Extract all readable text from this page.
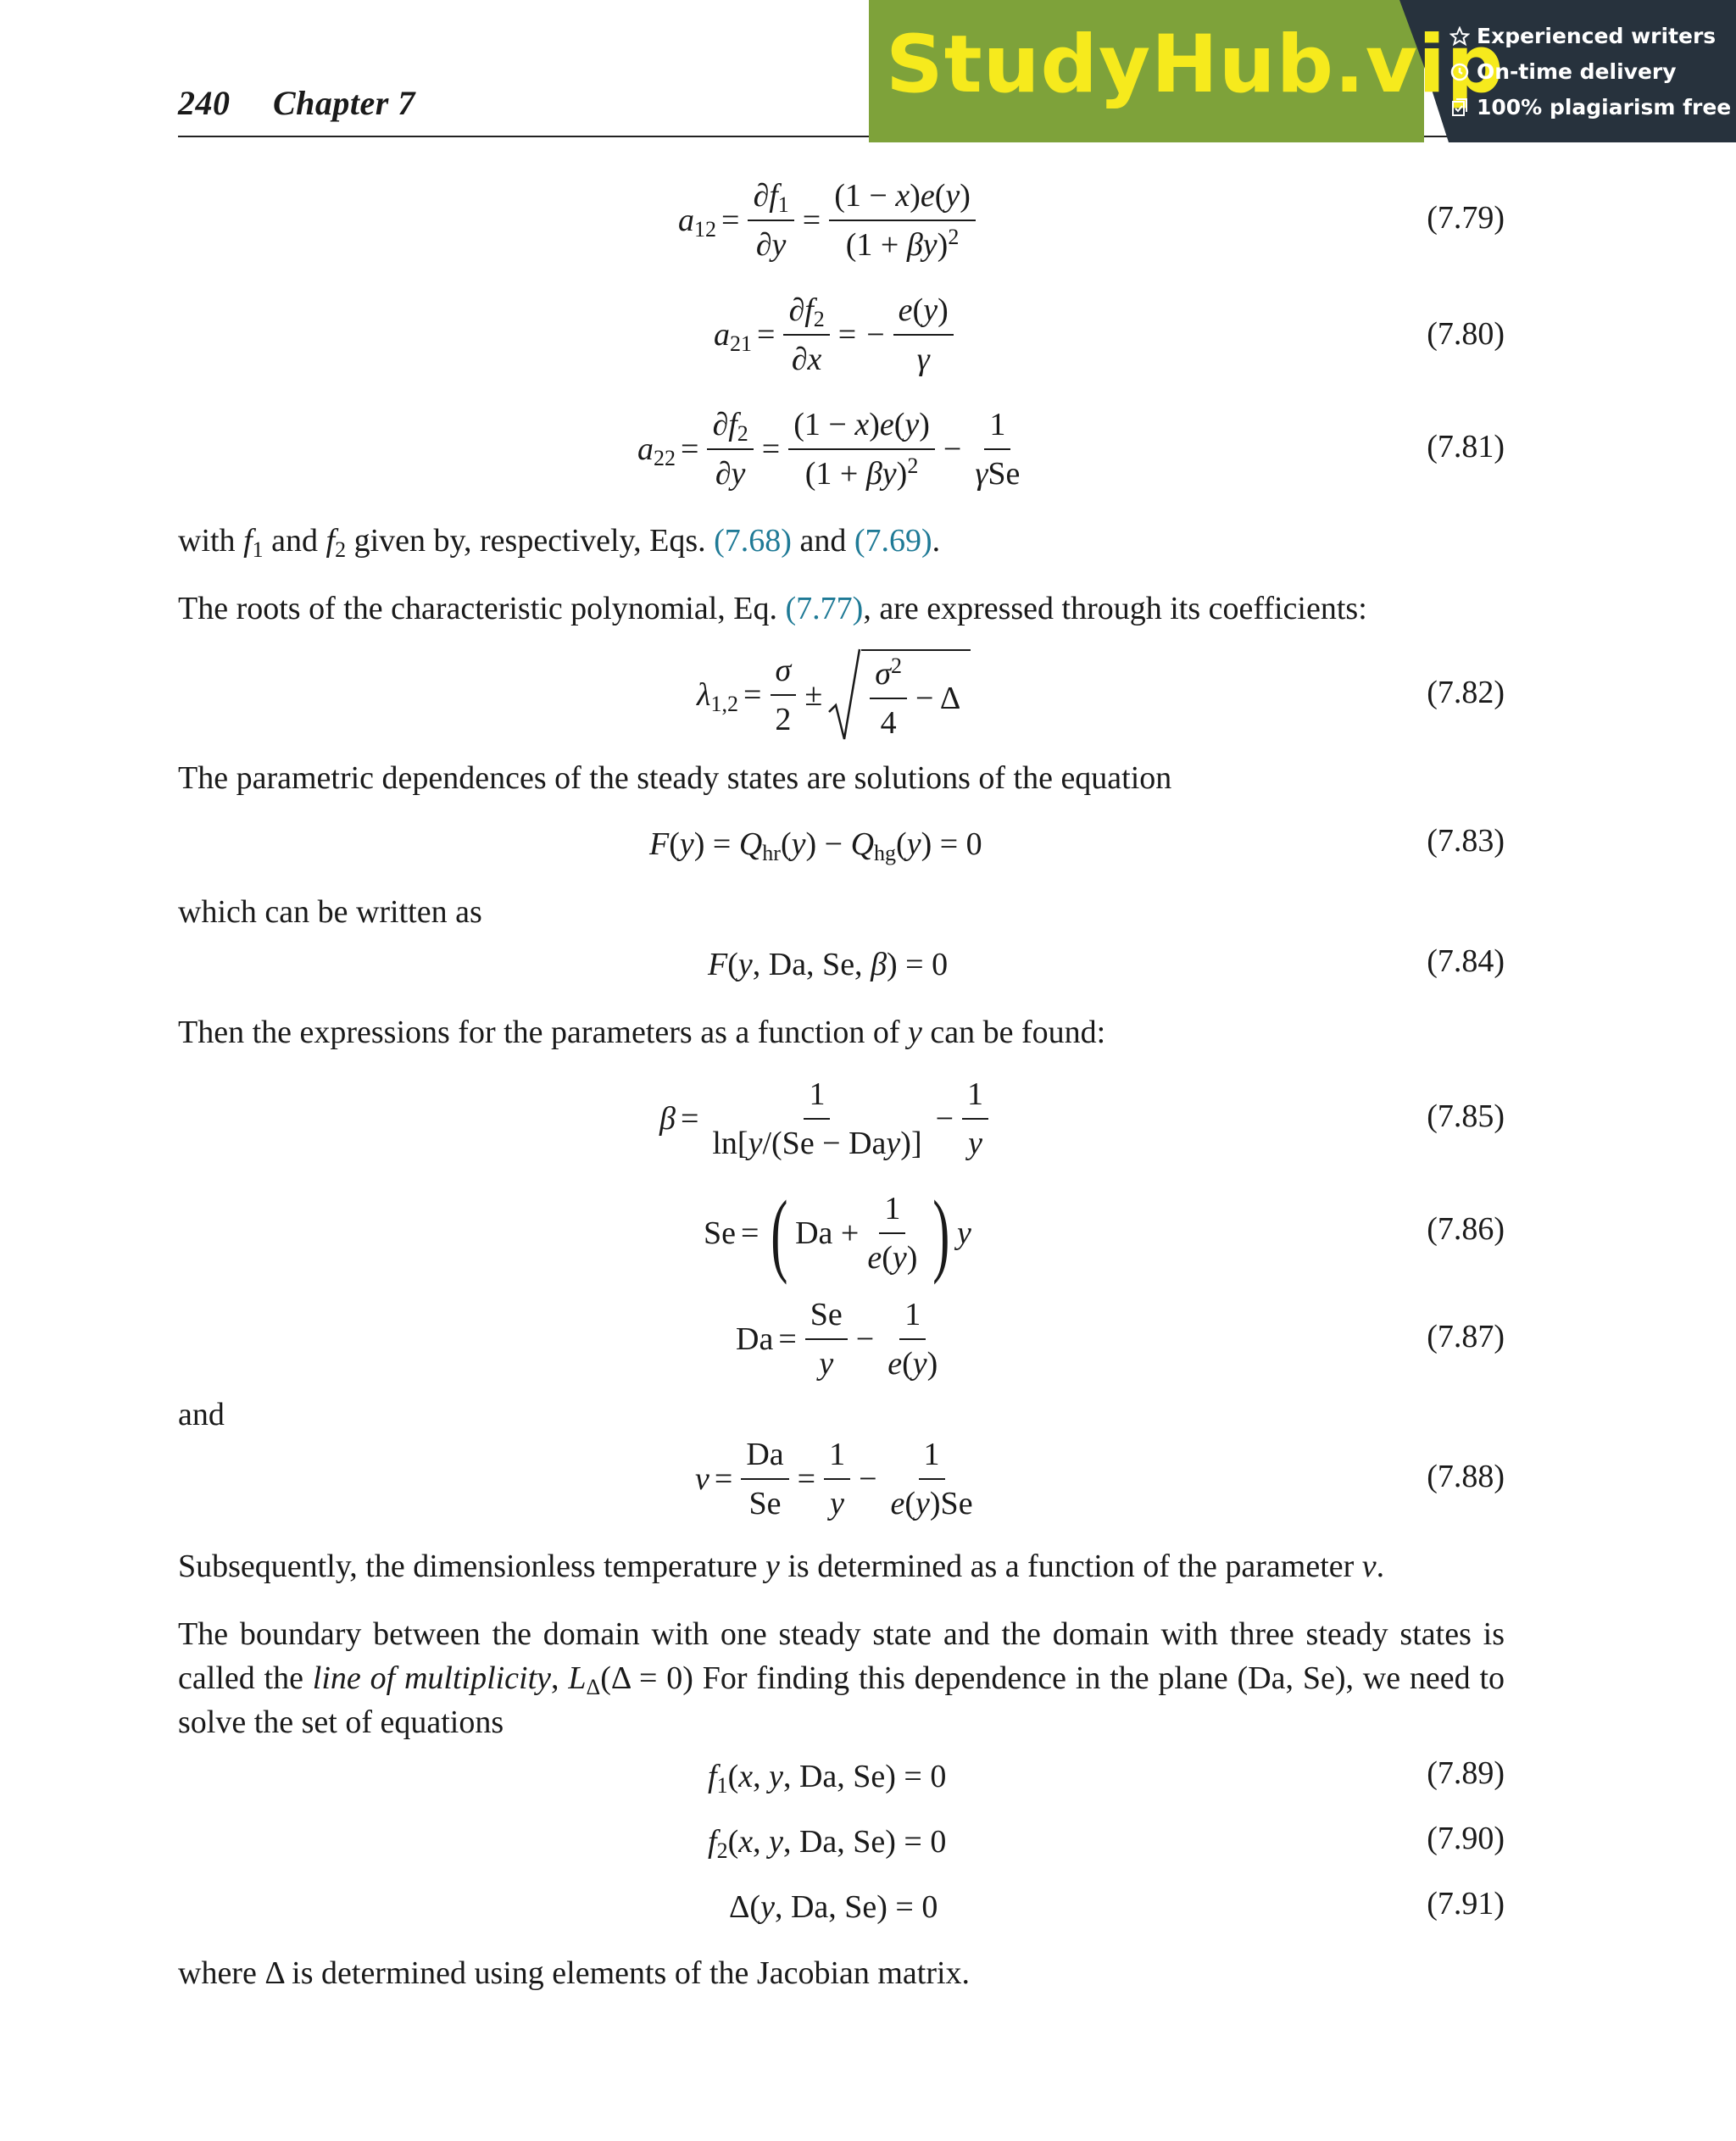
240 Chapter 7	StudyHub.vip
Experienced writers
On-time delivery
100% plagiarism free
$a_{12} = \frac{\partial f_1}{\partial y} = \frac{(1 - x)e(y)}{(1 + \beta y)^2}$	(7.79)
$a_{21} = \frac{\partial f_2}{\partial x}$ = − $\frac{e(y)}{\gamma}$	(7.80)
$a_{22} = \frac{\partial f_2}{\partial y} = \frac{(1 - x)e(y)}{(1 + \beta y)^2} - \frac{1}{\text{γSe}}$	(7.81)
with $f_1$ and $f_2$ given by, respectively, Eqs. (7.68) and (7.69).
The roots of the characteristic polynomial, Eq. (7.77), are expressed through its coefficients:
$\lambda_{1,2} = \frac{\sigma}{2} \pm \frac{\sigma^2}{4} - \Delta$	(7.82)
The parametric dependences of the steady states are solutions of the equation
$F(y) = Q_{hr}(y) - Q_{hg}(y) = 0$	(7.83)
which can be written as
F(y, Da, Se, β) = 0	(7.84)
Then the expressions for the parameters as a function of y can be found:
$\beta = \frac{1}{\text{ln[y/(Se − Day)]}} - \frac{1}{y}$	(7.85)
Se = ( $Da + \frac{1}{e(y)}$ ) y	(7.86)
$Da = \frac{Se}{y} - \frac{1}{e(y)}$	(7.87)
and
$\nu = \frac{Da}{Se} = \frac{1}{y} - \frac{1}{e(y)Se}$	(7.88)
Subsequently, the dimensionless temperature y is determined as a function of the parameter ν.
The boundary between the domain with one steady state and the domain with three steady states is called the line of multiplicity, $L_\Delta(\Delta = 0)$ For finding this dependence in the plane (Da, Se), we need to solve the set of equations
$f_1(x$, y, Da, Se) = 0	(7.89)
$f_2(x$, y, Da, Se) = 0	(7.90)
Δ(y, Da, Se) = 0	(7.91)
where Δ is determined using elements of the Jacobian matrix.
